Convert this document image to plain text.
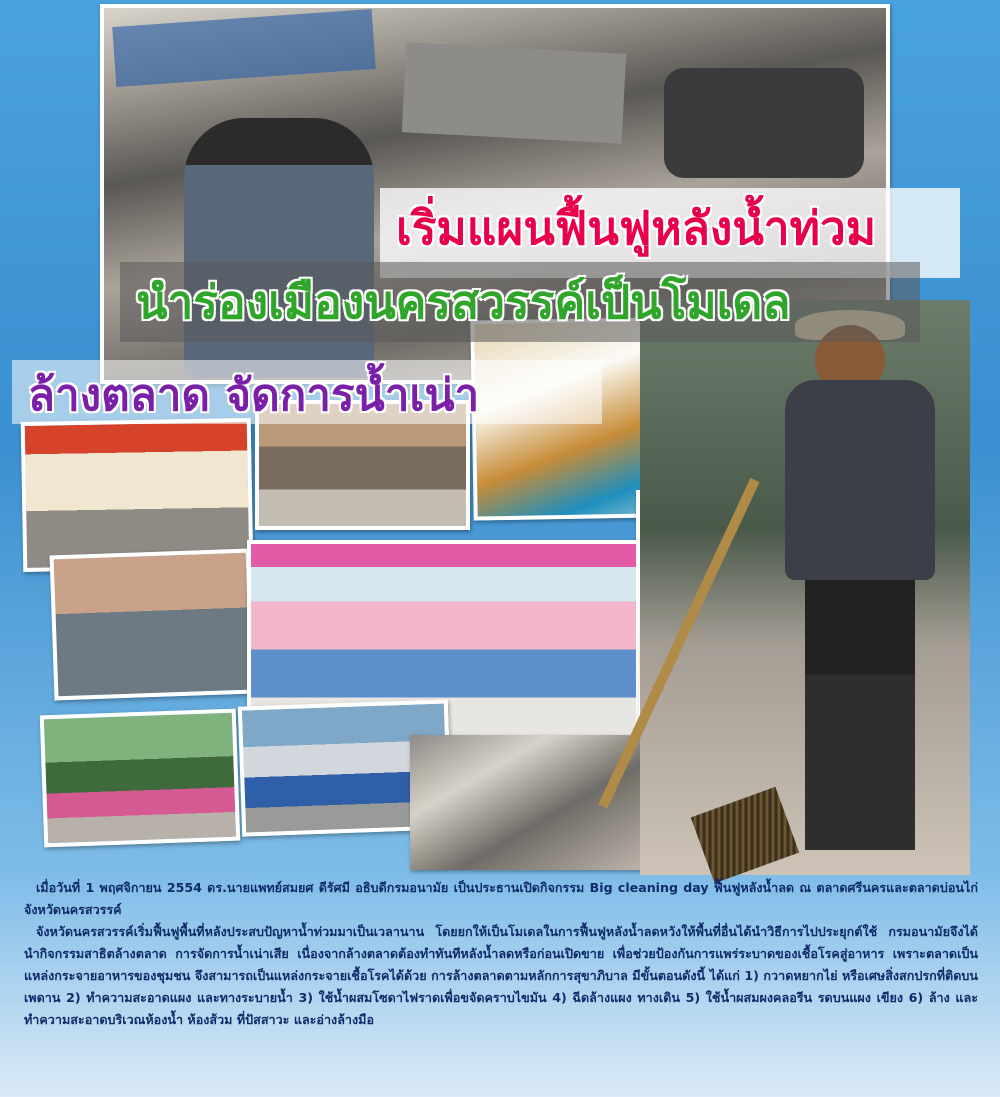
เริ่มแผนฟื้นฟูหลังน้ำท่วม
นำร่องเมืองนครสวรรค์เป็นโมเดล
ล้างตลาด จัดการน้ำเน่า

เมื่อวันที่ 1 พฤศจิกายน 2554 ดร.นายแพทย์สมยศ ดีรัศมี อธิบดีกรมอนามัย เป็นประธานเปิดกิจกรรม Big cleaning day ฟื้นฟูหลังน้ำลด ณ ตลาดศรีนครและตลาดบ่อนไก่ จังหวัดนครสวรรค์

จังหวัดนครสวรรค์เริ่มฟื้นฟูพื้นที่หลังประสบปัญหาน้ำท่วมมาเป็นเวลานาน โดยยกให้เป็นโมเดลในการฟื้นฟูหลังน้ำลดหวังให้พื้นที่อื่นได้นำวิธีการไปประยุกต์ใช้ กรมอนามัยจึงได้นำกิจกรรมสาธิตล้างตลาด การจัดการน้ำเน่าเสีย เนื่องจากล้างตลาดต้องทำทันทีหลังน้ำลดหรือก่อนเปิดขาย เพื่อช่วยป้องกันการแพร่ระบาดของเชื้อโรคสู่อาหาร เพราะตลาดเป็นแหล่งกระจายอาหารของชุมชน จึงสามารถเป็นแหล่งกระจายเชื้อโรคได้ด้วย การล้างตลาดตามหลักการสุขาภิบาล มีขั้นตอนดังนี้ ได้แก่ 1) กวาดหยากไย่ หรือเศษสิ่งสกปรกที่ติดบนเพดาน 2) ทำความสะอาดแผง และทางระบายน้ำ 3) ใช้น้ำผสมโซดาไฟราดเพื่อขจัดคราบไขมัน 4) ฉีดล้างแผง ทางเดิน 5) ใช้น้ำผสมผงคลอรีน รดบนแผง เขียง 6) ล้าง และทำความสะอาดบริเวณห้องน้ำ ห้องส้วม ที่ปัสสาวะ และอ่างล้างมือ
